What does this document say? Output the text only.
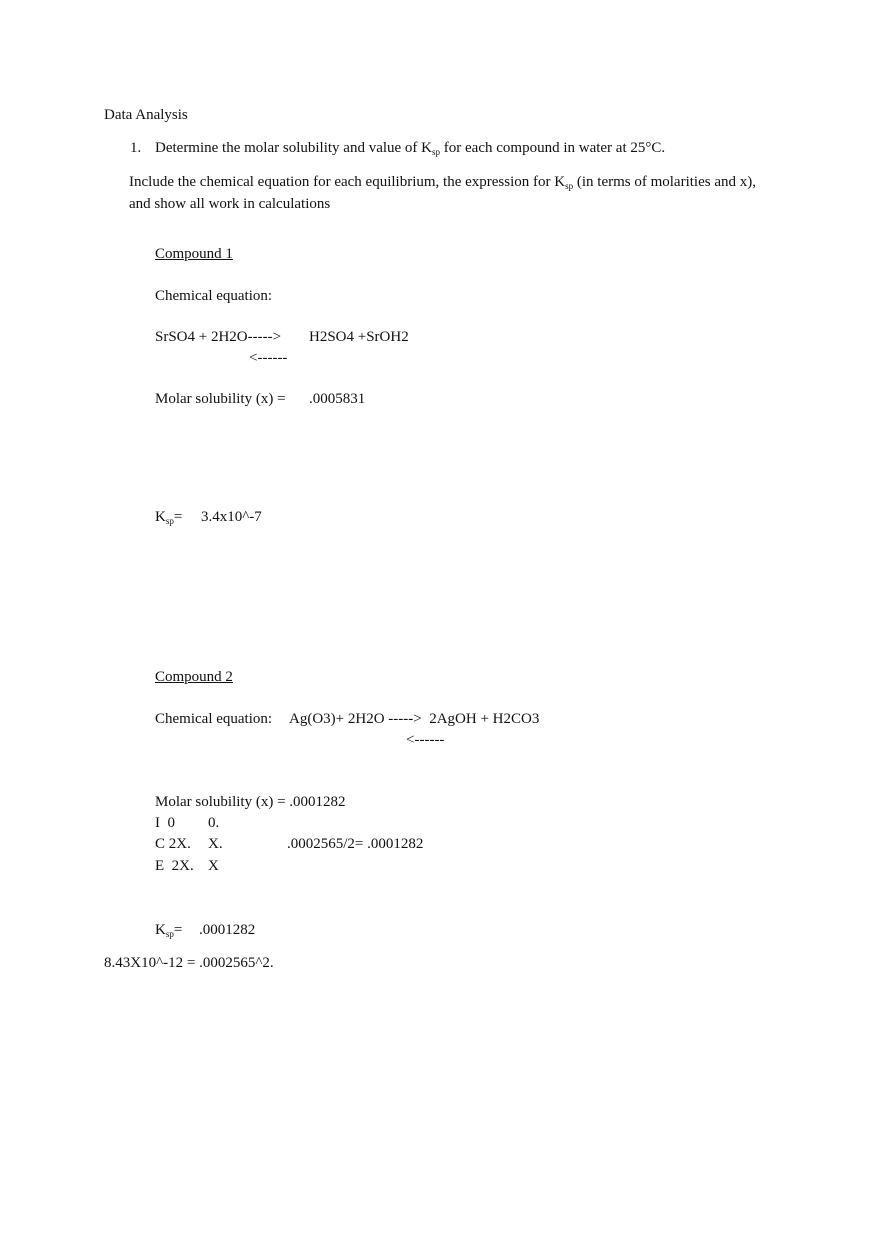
Data Analysis
1. Determine the molar solubility and value of $K_{sp}$ for each compound in water at 25°C.
Include the chemical equation for each equilibrium, the expression for $K_{sp}$ (in terms of molarities and x), and show all work in calculations
Compound 1
Chemical equation:
SrSO4 + 2H2O-----> H2SO4 +SrOH2
<------
Molar solubility (x) = .0005831
$K_{sp}=$ 3.4x10^-7
Compound 2
Chemical equation: Ag(O3)+ 2H2O ----->  2AgOH + H2CO3
<------
Molar solubility (x) = .0001282
I  0 0.
C 2X. X.	.0002565/2= .0001282
E  2X. X
$K_{sp}= .0001282$
8.43X10^-12 = .0002565^2.
